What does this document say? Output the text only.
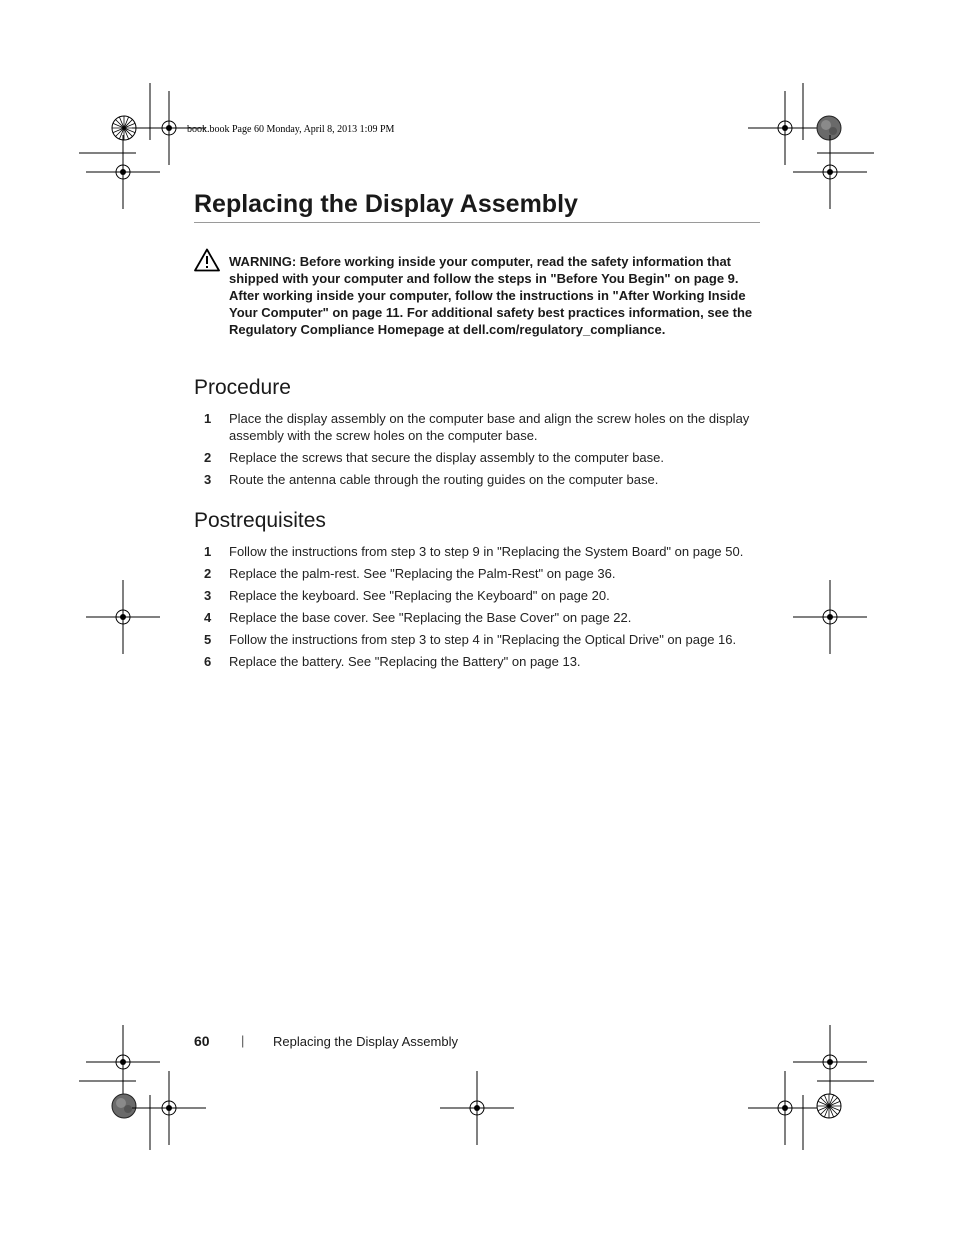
book.book Page 60 Monday, April 8, 2013 1:09 PM
Replacing the Display Assembly
WARNING: Before working inside your computer, read the safety information that shipped with your computer and follow the steps in "Before You Begin" on page 9. After working inside your computer, follow the instructions in "After Working Inside Your Computer" on page 11. For additional safety best practices information, see the Regulatory Compliance Homepage at dell.com/regulatory_compliance.
Procedure
1 Place the display assembly on the computer base and align the screw holes on the display assembly with the screw holes on the computer base.
2 Replace the screws that secure the display assembly to the computer base.
3 Route the antenna cable through the routing guides on the computer base.
Postrequisites
1 Follow the instructions from step 3 to step 9 in "Replacing the System Board" on page 50.
2 Replace the palm-rest. See "Replacing the Palm-Rest" on page 36.
3 Replace the keyboard. See "Replacing the Keyboard" on page 20.
4 Replace the base cover. See "Replacing the Base Cover" on page 22.
5 Follow the instructions from step 3 to step 4 in "Replacing the Optical Drive" on page 16.
6 Replace the battery. See "Replacing the Battery" on page 13.
60 | Replacing the Display Assembly
